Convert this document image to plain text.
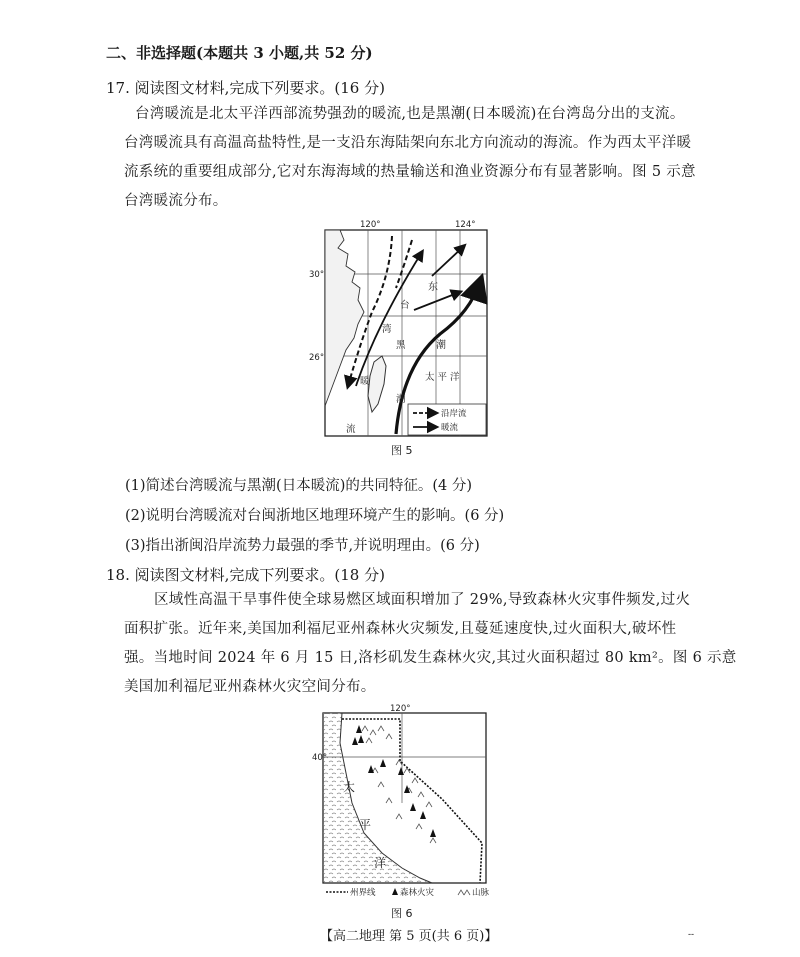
二、非选择题(本题共 3 小题,共 52 分)
17. 阅读图文材料,完成下列要求。(16 分)
台湾暖流是北太平洋西部流势强劲的暖流,也是黑潮(日本暖流)在台湾岛分出的支流。
台湾暖流具有高温高盐特性,是一支沿东海陆架向东北方向流动的海流。作为西太平洋暖
流系统的重要组成部分,它对东海海域的热量输送和渔业资源分布有显著影响。图 5 示意
台湾暖流分布。
120°	124°
30°
26°
东
潮
太 平 洋
台
湾
暖
流
黑
潮
沿岸流
暖流
图 5
(1)简述台湾暖流与黑潮(日本暖流)的共同特征。(4 分)
(2)说明台湾暖流对台闽浙地区地理环境产生的影响。(6 分)
(3)指出浙闽沿岸流势力最强的季节,并说明理由。(6 分)
18. 阅读图文材料,完成下列要求。(18 分)
区域性高温干旱事件使全球易燃区域面积增加了 29%,导致森林火灾事件频发,过火
面积扩张。近年来,美国加利福尼亚州森林火灾频发,且蔓延速度快,过火面积大,破坏性
强。当地时间 2024 年 6 月 15 日,洛杉矶发生森林火灾,其过火面积超过 80 km²。图 6 示意
美国加利福尼亚州森林火灾空间分布。
120°
40°
太
平
洋
州界线	森林火灾	山脉
图 6
【高二地理 第 5 页(共 6 页)】	--
